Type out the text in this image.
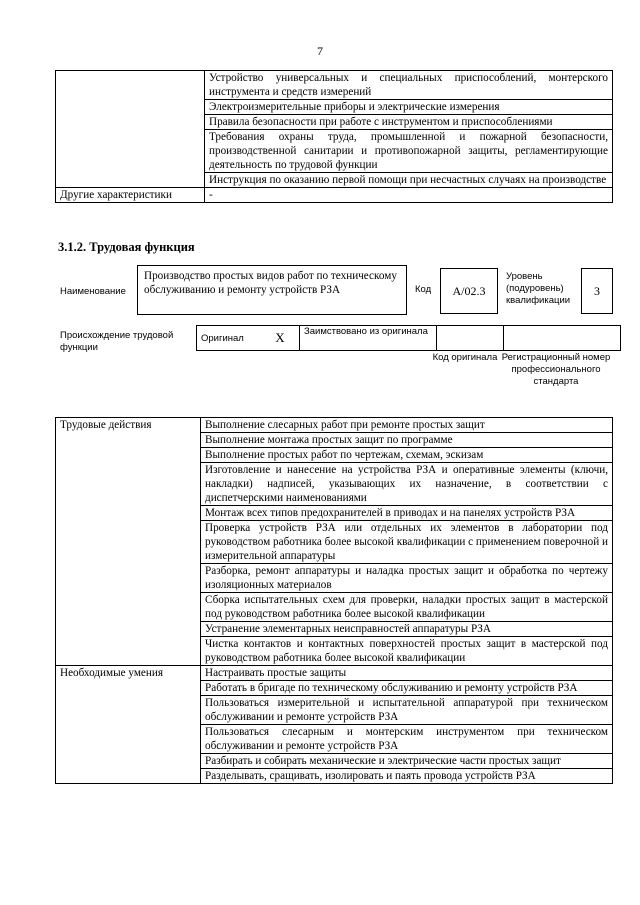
7
	Устройство универсальных и специальных приспособлений, монтерского инструмента и средств измерений
	Электроизмерительные приборы и электрические измерения
	Правила безопасности при работе с инструментом и приспособлениями
	Требования охраны труда, промышленной и пожарной безопасности, производственной санитарии и противопожарной защиты, регламентирующие деятельность по трудовой функции
	Инструкция по оказанию первой помощи при несчастных случаях на производстве
Другие характеристики	-
3.1.2. Трудовая функция
Наименование
Производство простых видов работ по техническому обслуживанию и ремонту устройств РЗА	Код	А/02.3
Уровень (подуровень) квалификации
3
Происхождение трудовой функции
Оригинал	X	Заимствовано из оригинала		
Код оригинала Регистрационный номер профессионального стандарта
Трудовые действия	Выполнение слесарных работ при ремонте простых защит
	Выполнение монтажа простых защит по программе
	Выполнение простых работ по чертежам, схемам, эскизам
	Изготовление и нанесение на устройства РЗА и оперативные элементы (ключи, накладки) надписей, указывающих их назначение, в соответствии с диспетчерскими наименованиями
	Монтаж всех типов предохранителей в приводах и на панелях устройств РЗА
	Проверка устройств РЗА или отдельных их элементов в лаборатории под руководством работника более высокой квалификации с применением поверочной и измерительной аппаратуры
	Разборка, ремонт аппаратуры и наладка простых защит и обработка по чертежу изоляционных материалов
	Сборка испытательных схем для проверки, наладки простых защит в мастерской под руководством работника более высокой квалификации
	Устранение элементарных неисправностей аппаратуры РЗА
	Чистка контактов и контактных поверхностей простых защит в мастерской под руководством работника более высокой квалификации
Необходимые умения	Настраивать простые защиты
	Работать в бригаде по техническому обслуживанию и ремонту устройств РЗА
	Пользоваться измерительной и испытательной аппаратурой при техническом обслуживании и ремонте устройств РЗА
	Пользоваться слесарным и монтерским инструментом при техническом обслуживании и ремонте устройств РЗА
	Разбирать и собирать механические и электрические части простых защит
	Разделывать, сращивать, изолировать и паять провода устройств РЗА
